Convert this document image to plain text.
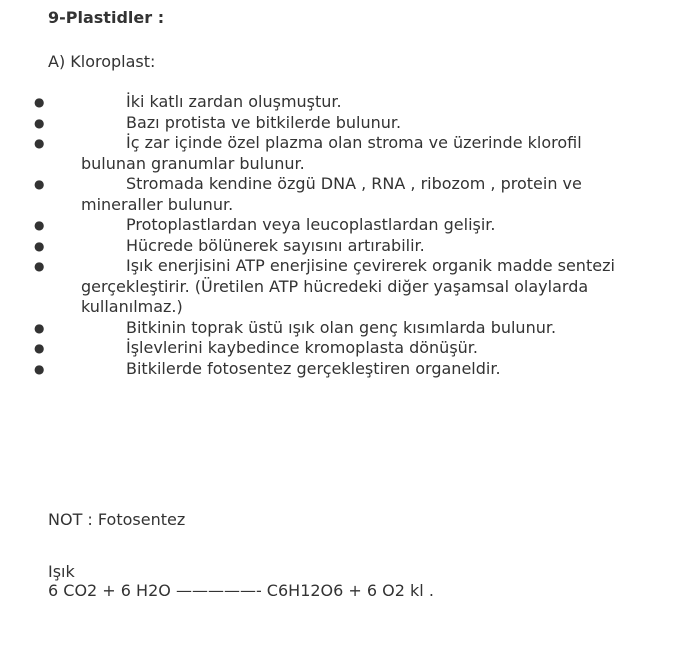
9-Plastidler :
A) Kloroplast:
●	İki katlı zardan oluşmuştur.
●	Bazı protista ve bitkilerde bulunur.
●	İç zar içinde özel plazma olan stroma ve üzerinde klorofil bulunan granumlar bulunur.
●	Stromada kendine özgü DNA , RNA , ribozom , protein ve mineraller bulunur.
●	Protoplastlardan veya leucoplastlardan gelişir.
●	Hücrede bölünerek sayısını artırabilir.
●	Işık enerjisini ATP enerjisine çevirerek organik madde sentezi gerçekleştirir. (Üretilen ATP hücredeki diğer yaşamsal olaylarda kullanılmaz.)
●	Bitkinin toprak üstü ışık olan genç kısımlarda bulunur.
●	İşlevlerini kaybedince kromoplasta dönüşür.
●	Bitkilerde fotosentez gerçekleştiren organeldir.
NOT : Fotosentez
Işık
6 CO2 + 6 H2O —————- C6H12O6 + 6 O2 kl .
